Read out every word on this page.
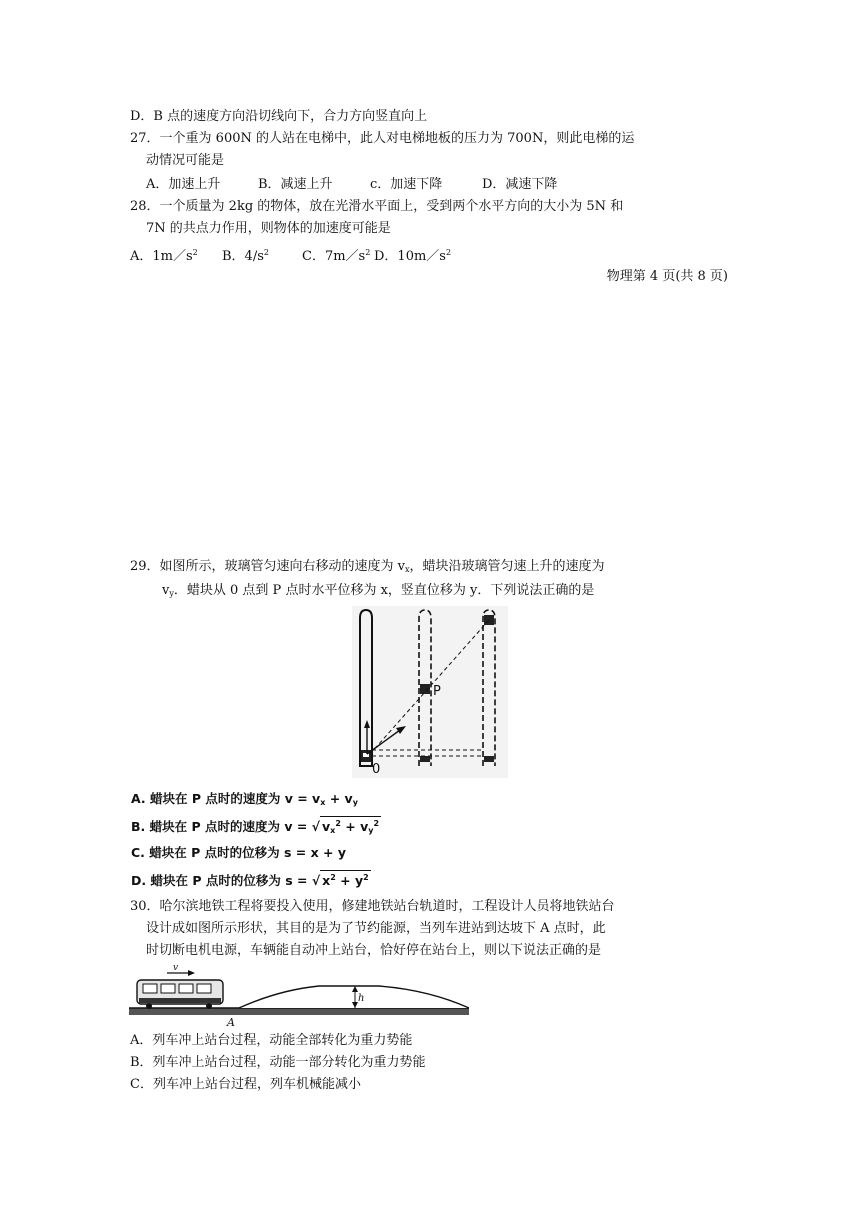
D．B 点的速度方向沿切线向下，合力方向竖直向上
27．一个重为 600N 的人站在电梯中，此人对电梯地板的压力为 700N，则此电梯的运
动情况可能是
A．加速上升	B．减速上升	c．加速下降	D．减速下降
28．一个质量为 2kg 的物体，放在光滑水平面上，受到两个水平方向的大小为 5N 和
7N 的共点力作用，则物体的加速度可能是
A．$1m/s^2$ B．$4/s^2$	C．$7m/s^2$ D．$10m/s^2$
物理第 4 页(共 8 页)
29．如图所示，玻璃管匀速向右移动的速度为 $v_x$，蜡块沿玻璃管匀速上升的速度为
$v_y$．蜡块从 0 点到 P 点时水平位移为 x，竖直位移为 y．下列说法正确的是
P
0
A. 蜡块在 P 点时的速度为 $v = v_x + v_y$
B. 蜡块在 P 点时的速度为 v = √ $v_x^2 + v_y^2$
C. 蜡块在 P 点时的位移为 s = x + y
D. 蜡块在 P 点时的位移为 s = √ $x^2 + y^2$
30．哈尔滨地铁工程将要投入使用，修建地铁站台轨道时，工程设计人员将地铁站台
设计成如图所示形状，其目的是为了节约能源，当列车进站到达坡下 A 点时，此
时切断电机电源，车辆能自动冲上站台，恰好停在站台上，则以下说法正确的是
h
v
A
A．列车冲上站台过程，动能全部转化为重力势能
B．列车冲上站台过程，动能一部分转化为重力势能
C．列车冲上站台过程，列车机械能减小
